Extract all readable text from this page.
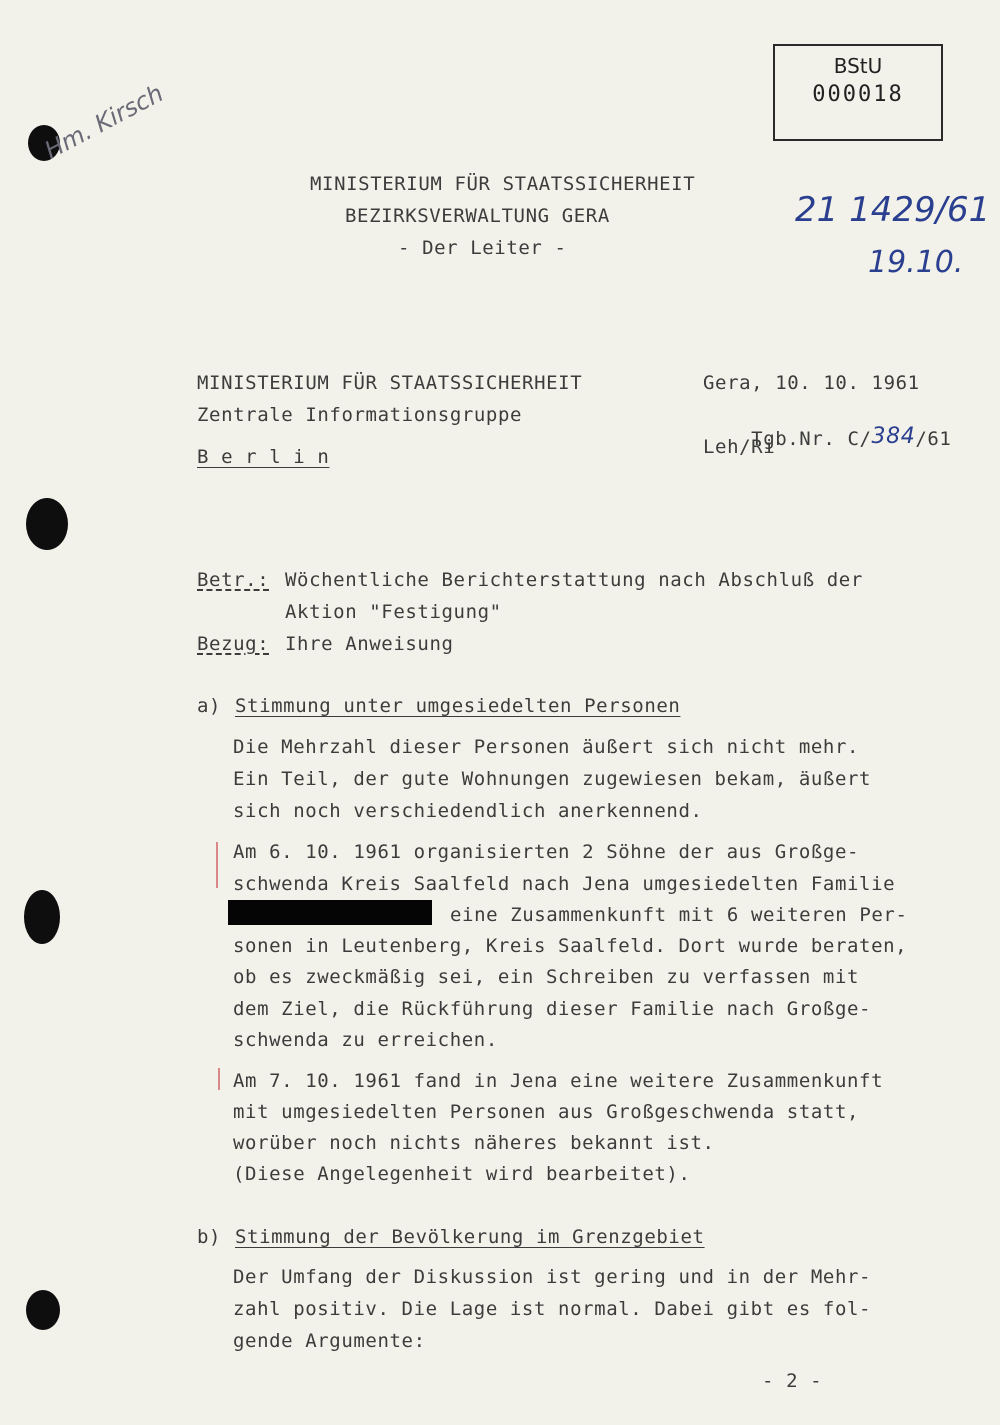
BStU
000018
Hm. Kirsch
MINISTERIUM FÜR STAATSSICHERHEIT
BEZIRKSVERWALTUNG GERA
- Der Leiter -
21 1429/61
19.10.
MINISTERIUM FÜR STAATSSICHERHEIT
Zentrale Informationsgruppe
B e r l i n
Gera, 10. 10. 1961

Tgb.Nr. C/384/61

Leh/Ri
Betr.: Wöchentliche Berichterstattung nach Abschluß der
Aktion "Festigung"
Bezug: Ihre Anweisung
a) Stimmung unter umgesiedelten Personen
Die Mehrzahl dieser Personen äußert sich nicht mehr.
Ein Teil, der gute Wohnungen zugewiesen bekam, äußert
sich noch verschiedendlich anerkennend.
Am 6. 10. 1961 organisierten 2 Söhne der aus Großge-
schwenda Kreis Saalfeld nach Jena umgesiedelten Familie
eine Zusammenkunft mit 6 weiteren Per-
sonen in Leutenberg, Kreis Saalfeld. Dort wurde beraten,
ob es zweckmäßig sei, ein Schreiben zu verfassen mit
dem Ziel, die Rückführung dieser Familie nach Großge-
schwenda zu erreichen.
Am 7. 10. 1961 fand in Jena eine weitere Zusammenkunft
mit umgesiedelten Personen aus Großgeschwenda statt,
worüber noch nichts näheres bekannt ist.
(Diese Angelegenheit wird bearbeitet).
b) Stimmung der Bevölkerung im Grenzgebiet
Der Umfang der Diskussion ist gering und in der Mehr-
zahl positiv. Die Lage ist normal. Dabei gibt es fol-
gende Argumente:
- 2 -
